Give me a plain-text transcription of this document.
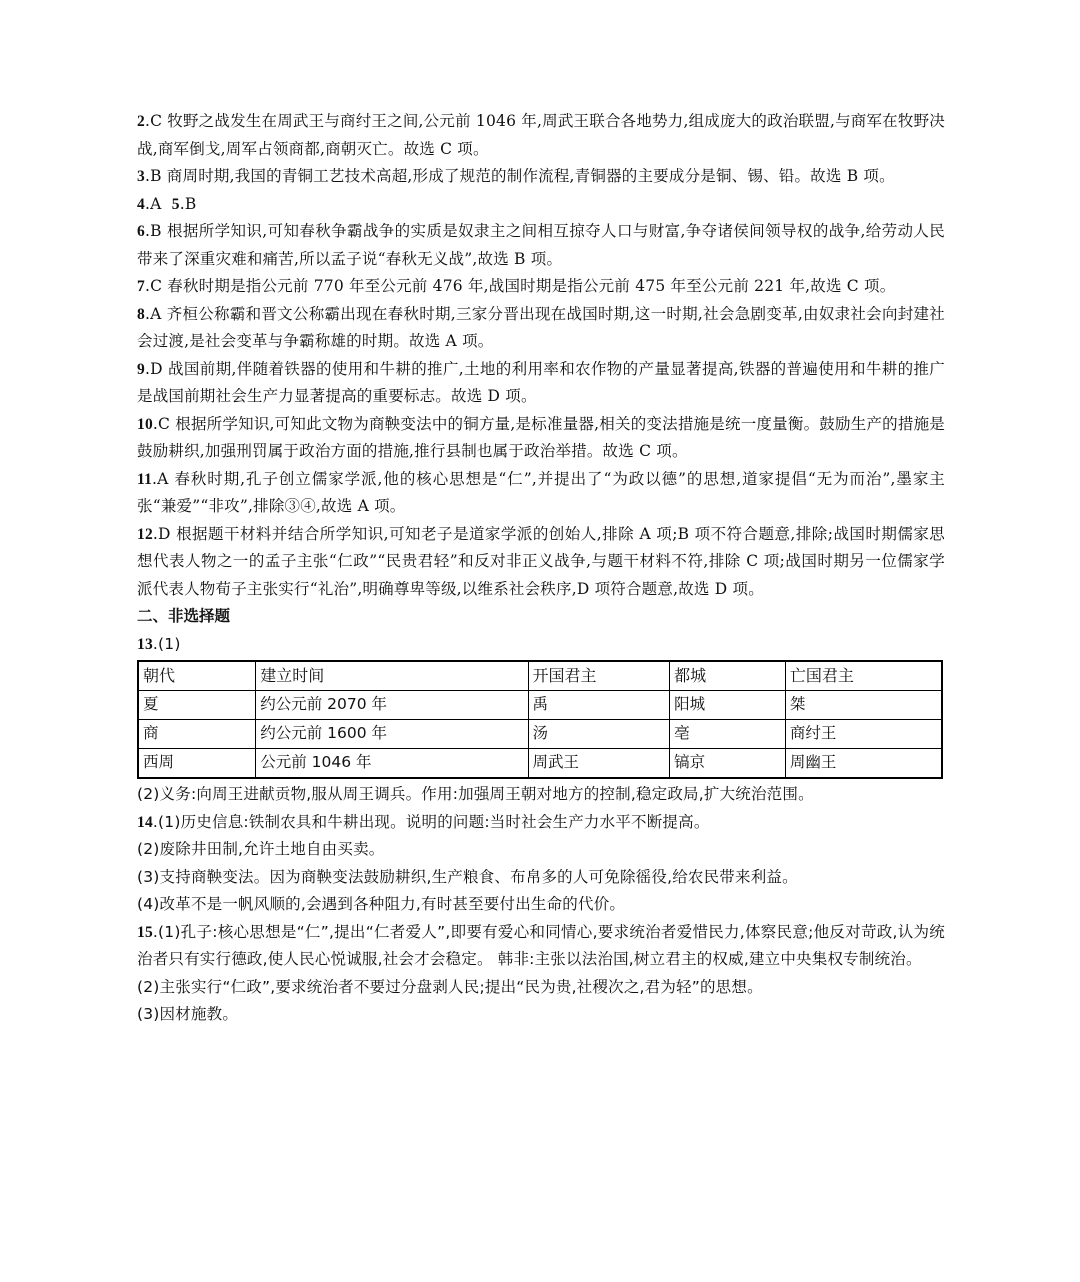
2.C 牧野之战发生在周武王与商纣王之间,公元前 1046 年,周武王联合各地势力,组成庞大的政治联盟,与商军在牧野决战,商军倒戈,周军占领商都,商朝灭亡。故选 C 项。

3.B 商周时期,我国的青铜工艺技术高超,形成了规范的制作流程,青铜器的主要成分是铜、锡、铅。故选 B 项。

4.A  5.B

6.B 根据所学知识,可知春秋争霸战争的实质是奴隶主之间相互掠夺人口与财富,争夺诸侯间领导权的战争,给劳动人民带来了深重灾难和痛苦,所以孟子说“春秋无义战”,故选 B 项。

7.C 春秋时期是指公元前 770 年至公元前 476 年,战国时期是指公元前 475 年至公元前 221 年,故选 C 项。

8.A 齐桓公称霸和晋文公称霸出现在春秋时期,三家分晋出现在战国时期,这一时期,社会急剧变革,由奴隶社会向封建社会过渡,是社会变革与争霸称雄的时期。故选 A 项。

9.D 战国前期,伴随着铁器的使用和牛耕的推广,土地的利用率和农作物的产量显著提高,铁器的普遍使用和牛耕的推广是战国前期社会生产力显著提高的重要标志。故选 D 项。

10.C 根据所学知识,可知此文物为商鞅变法中的铜方量,是标准量器,相关的变法措施是统一度量衡。鼓励生产的措施是鼓励耕织,加强刑罚属于政治方面的措施,推行县制也属于政治举措。故选 C 项。

11.A 春秋时期,孔子创立儒家学派,他的核心思想是“仁”,并提出了“为政以德”的思想,道家提倡“无为而治”,墨家主张“兼爱”“非攻”,排除③④,故选 A 项。

12.D 根据题干材料并结合所学知识,可知老子是道家学派的创始人,排除 A 项;B 项不符合题意,排除;战国时期儒家思想代表人物之一的孟子主张“仁政”“民贵君轻”和反对非正义战争,与题干材料不符,排除 C 项;战国时期另一位儒家学派代表人物荀子主张实行“礼治”,明确尊卑等级,以维系社会秩序,D 项符合题意,故选 D 项。

二、非选择题

13.(1)

朝代	建立时间	开国君主	都城	亡国君主
夏	约公元前 2070 年	禹	阳城	桀
商	约公元前 1600 年	汤	亳	商纣王
西周	公元前 1046 年	周武王	镐京	周幽王

(2)义务:向周王进献贡物,服从周王调兵。作用:加强周王朝对地方的控制,稳定政局,扩大统治范围。

14.(1)历史信息:铁制农具和牛耕出现。说明的问题:当时社会生产力水平不断提高。

(2)废除井田制,允许土地自由买卖。

(3)支持商鞅变法。因为商鞅变法鼓励耕织,生产粮食、布帛多的人可免除徭役,给农民带来利益。

(4)改革不是一帆风顺的,会遇到各种阻力,有时甚至要付出生命的代价。

15.(1)孔子:核心思想是“仁”,提出“仁者爱人”,即要有爱心和同情心,要求统治者爱惜民力,体察民意;他反对苛政,认为统治者只有实行德政,使人民心悦诚服,社会才会稳定。 韩非:主张以法治国,树立君主的权威,建立中央集权专制统治。

(2)主张实行“仁政”,要求统治者不要过分盘剥人民;提出“民为贵,社稷次之,君为轻”的思想。

(3)因材施教。
